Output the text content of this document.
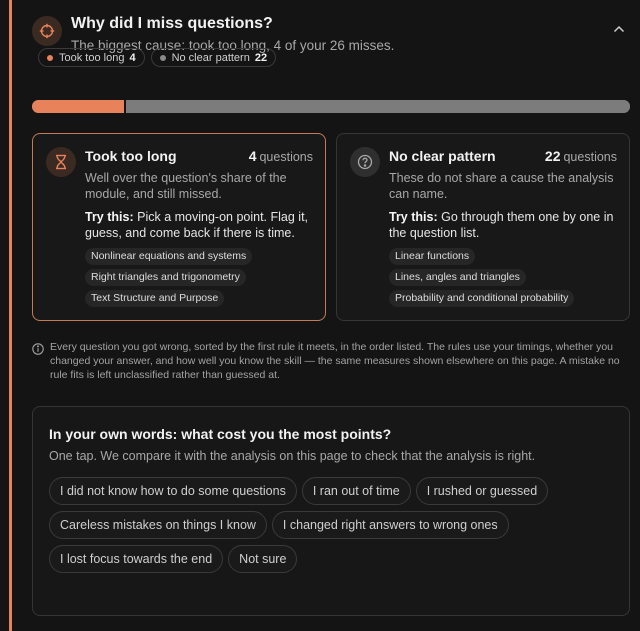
Why did I miss questions?
The biggest cause: took too long, 4 of your 26 misses.
Took too long 4	No clear pattern 22
Took too long	4 questions
Well over the question's share of the module, and still missed.
Try this: Pick a moving-on point. Flag it, guess, and come back if there is time.
Nonlinear equations and systems
Right triangles and trigonometry
Text Structure and Purpose
No clear pattern	22 questions
These do not share a cause the analysis can name.
Try this: Go through them one by one in the question list.
Linear functions
Lines, angles and triangles
Probability and conditional probability
Every question you got wrong, sorted by the first rule it meets, in the order listed. The rules use your timings, whether you changed your answer, and how well you know the skill — the same measures shown elsewhere on this page. A mistake no rule fits is left unclassified rather than guessed at.
In your own words: what cost you the most points?
One tap. We compare it with the analysis on this page to check that the analysis is right.
I did not know how to do some questions	I ran out of time	I rushed or guessed
Careless mistakes on things I know	I changed right answers to wrong ones
I lost focus towards the end	Not sure
